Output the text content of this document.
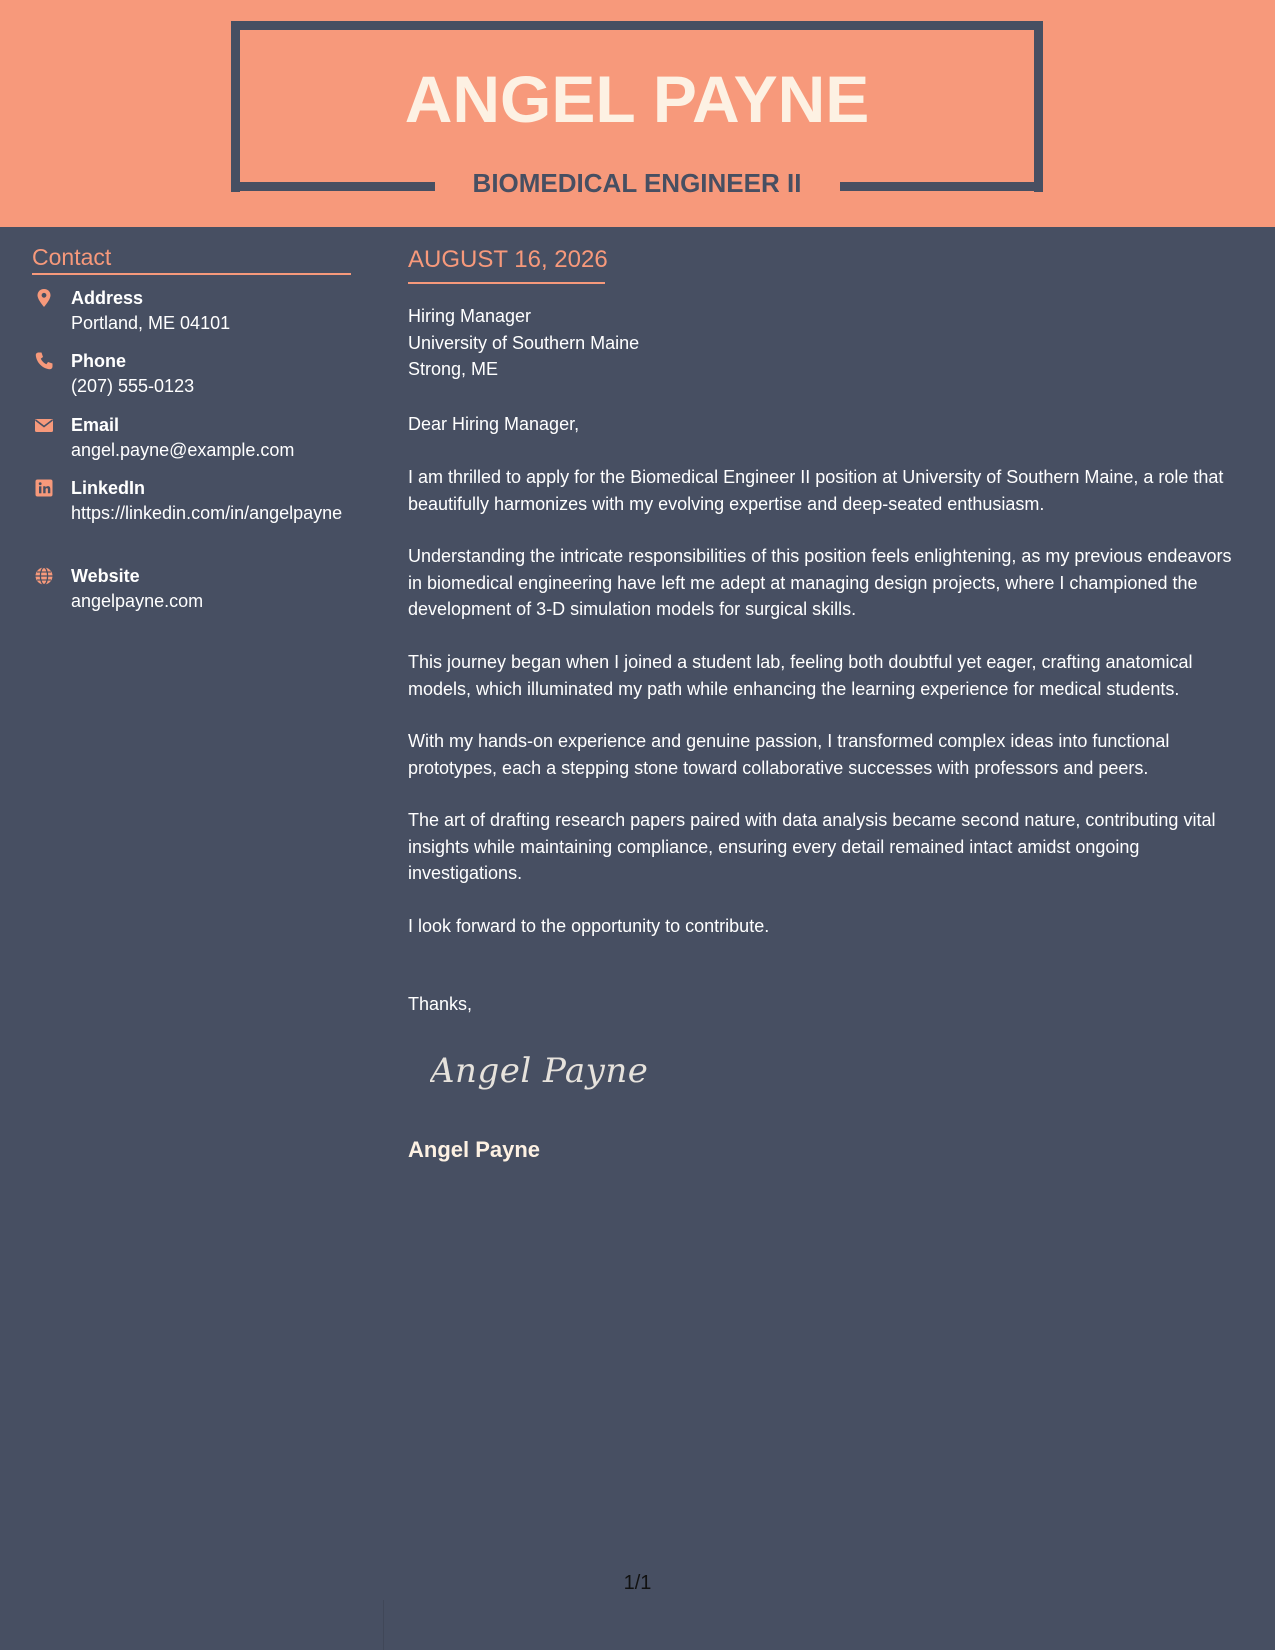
ANGEL PAYNE
BIOMEDICAL ENGINEER II
Contact
Address
Portland, ME 04101
Phone
(207) 555-0123
Email
angel.payne@example.com
LinkedIn
https://linkedin.com/in/angelpayne
Website
angelpayne.com
AUGUST 16, 2026
Hiring Manager
University of Southern Maine
Strong, ME
Dear Hiring Manager,
I am thrilled to apply for the Biomedical Engineer II position at University of Southern Maine, a role that beautifully harmonizes with my evolving expertise and deep-seated enthusiasm.
Understanding the intricate responsibilities of this position feels enlightening, as my previous endeavors in biomedical engineering have left me adept at managing design projects, where I championed the development of 3-D simulation models for surgical skills.
This journey began when I joined a student lab, feeling both doubtful yet eager, crafting anatomical models, which illuminated my path while enhancing the learning experience for medical students.
With my hands-on experience and genuine passion, I transformed complex ideas into functional prototypes, each a stepping stone toward collaborative successes with professors and peers.
The art of drafting research papers paired with data analysis became second nature, contributing vital insights while maintaining compliance, ensuring every detail remained intact amidst ongoing investigations.
I look forward to the opportunity to contribute.
Thanks,
Angel Payne
Angel Payne
1/1
